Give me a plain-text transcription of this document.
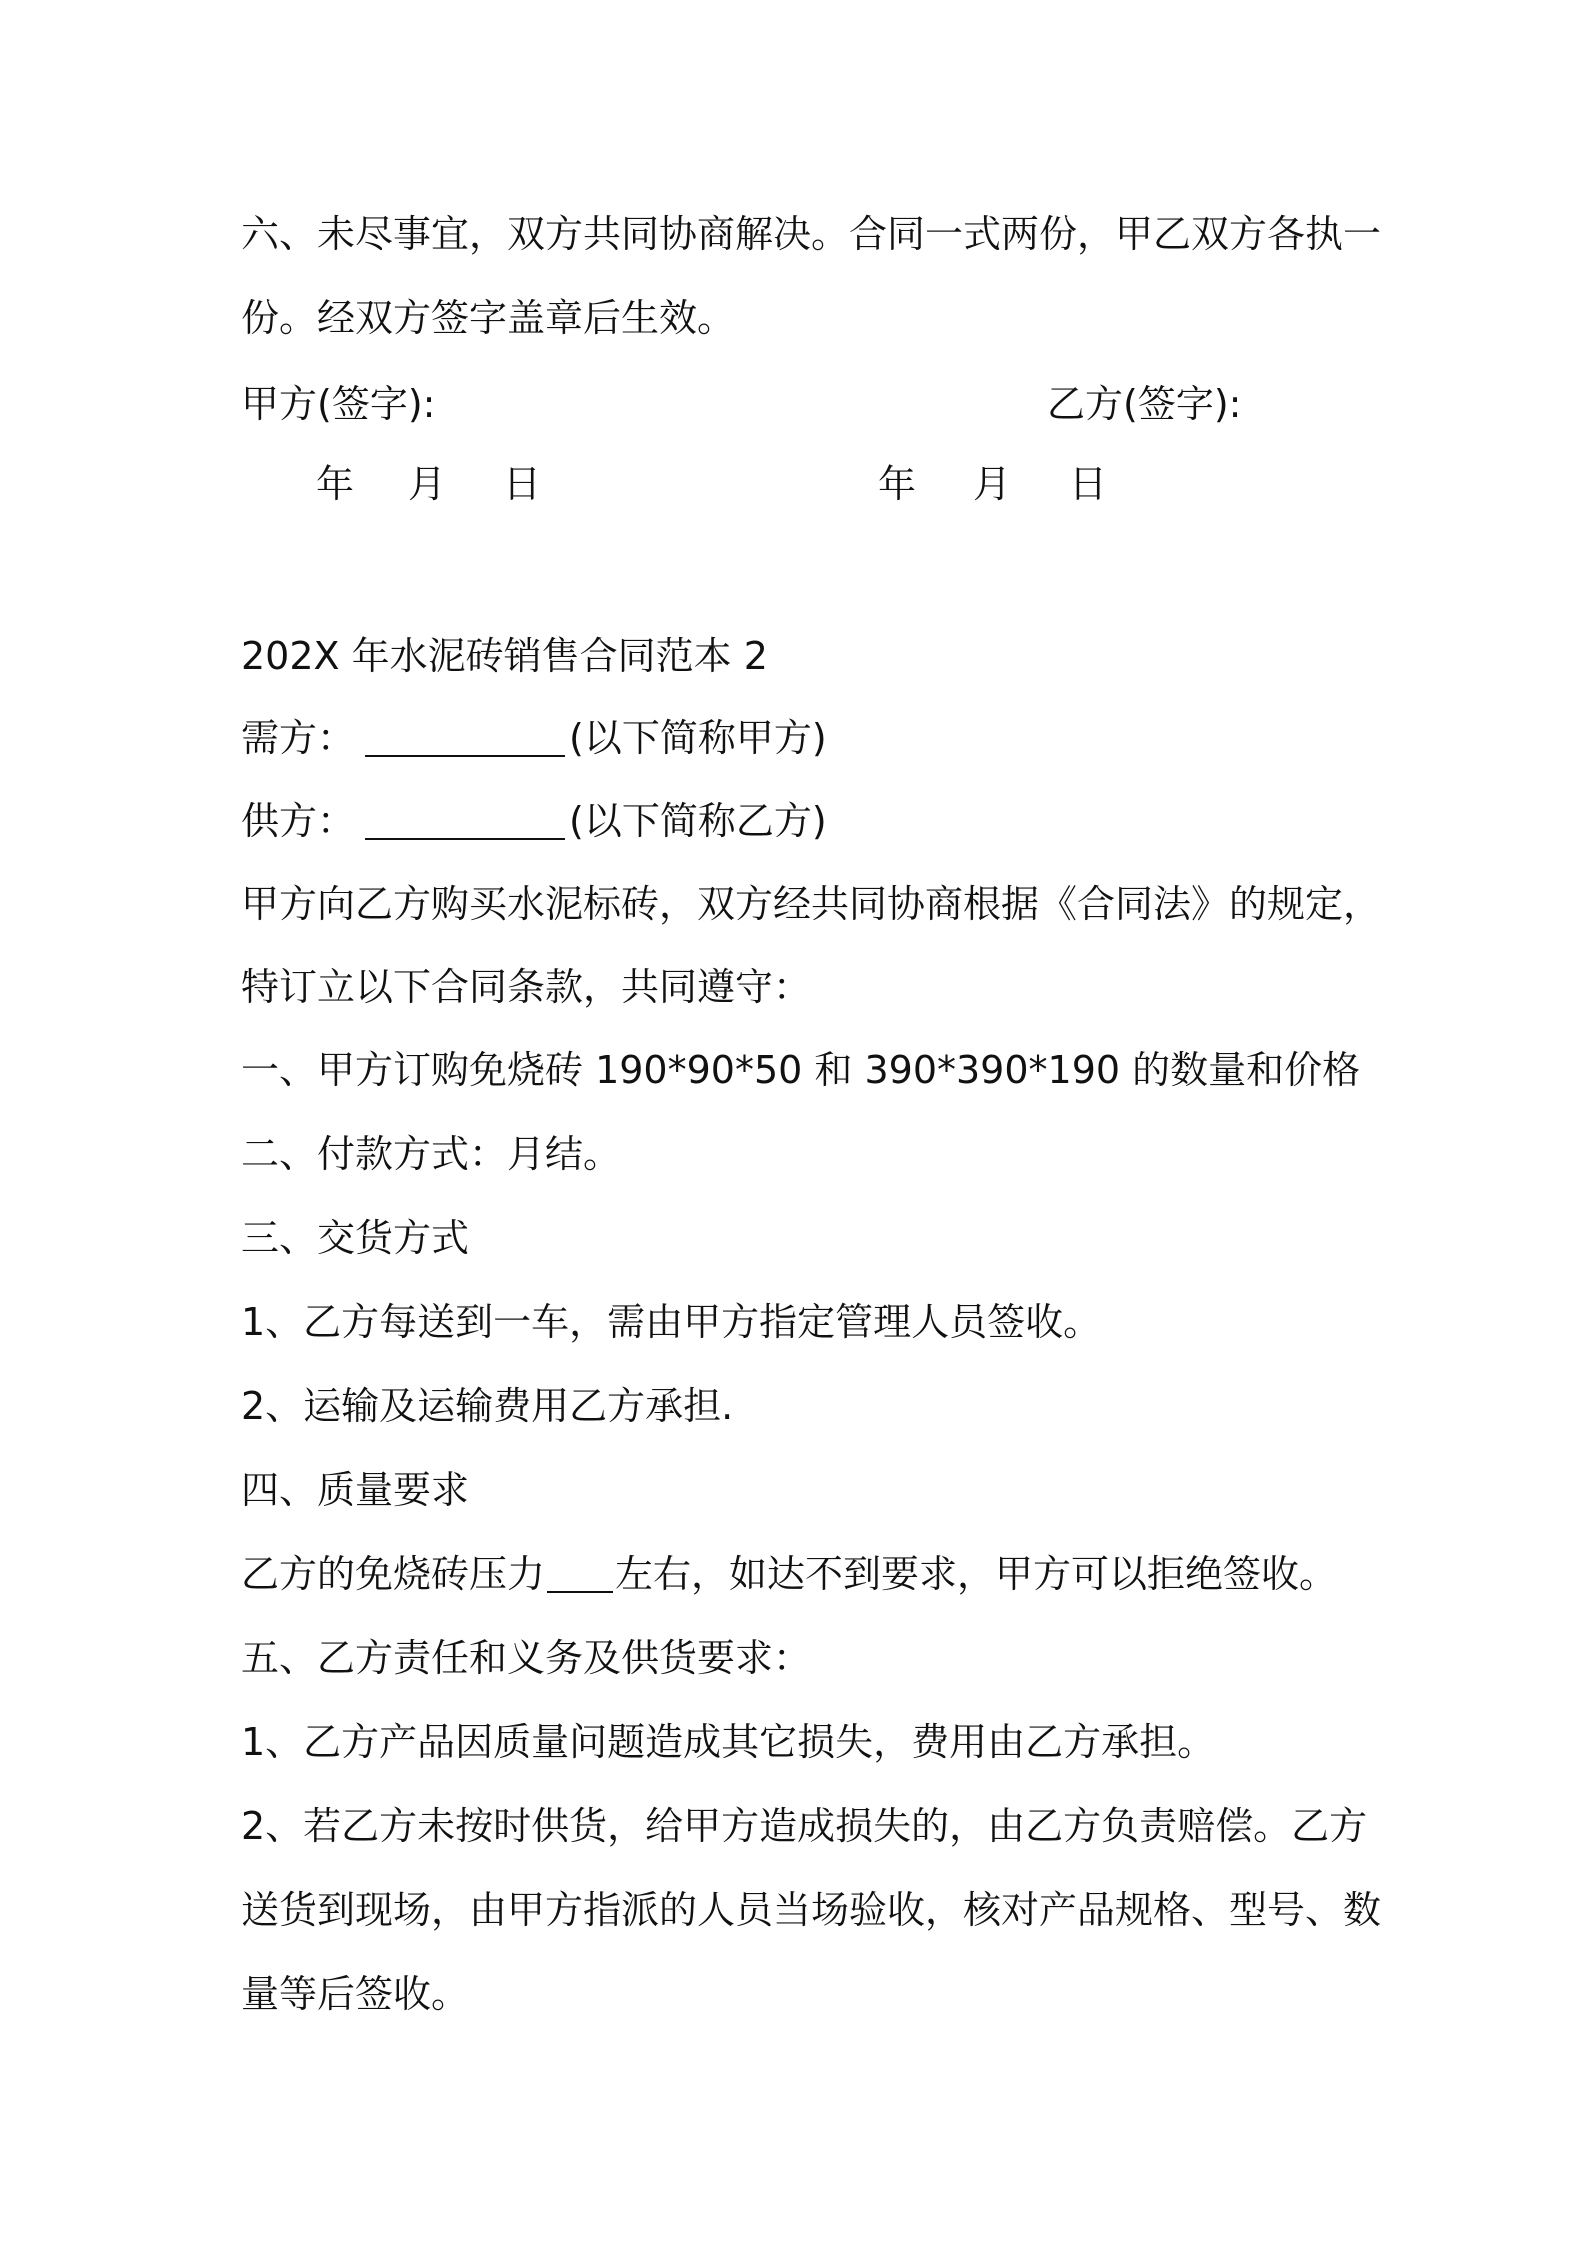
六、未尽事宜，双方共同协商解决。合同一式两份，甲乙双方各执一
份。经双方签字盖章后生效。
甲方(签字):	乙方(签字):
年 月 日	年 月 日
202X 年水泥砖销售合同范本 2
需方：	(以下简称甲方)
供方：	(以下简称乙方)
甲方向乙方购买水泥标砖，双方经共同协商根据《合同法》的规定，
特订立以下合同条款，共同遵守：
一、甲方订购免烧砖 190*90*50 和 390*390*190 的数量和价格
二、付款方式：月结。
三、交货方式
1、乙方每送到一车，需由甲方指定管理人员签收。
2、运输及运输费用乙方承担.
四、质量要求
乙方的免烧砖压力 左右，如达不到要求，甲方可以拒绝签收。
五、乙方责任和义务及供货要求：
1、乙方产品因质量问题造成其它损失，费用由乙方承担。
2、若乙方未按时供货，给甲方造成损失的，由乙方负责赔偿。乙方
送货到现场，由甲方指派的人员当场验收，核对产品规格、型号、数
量等后签收。
